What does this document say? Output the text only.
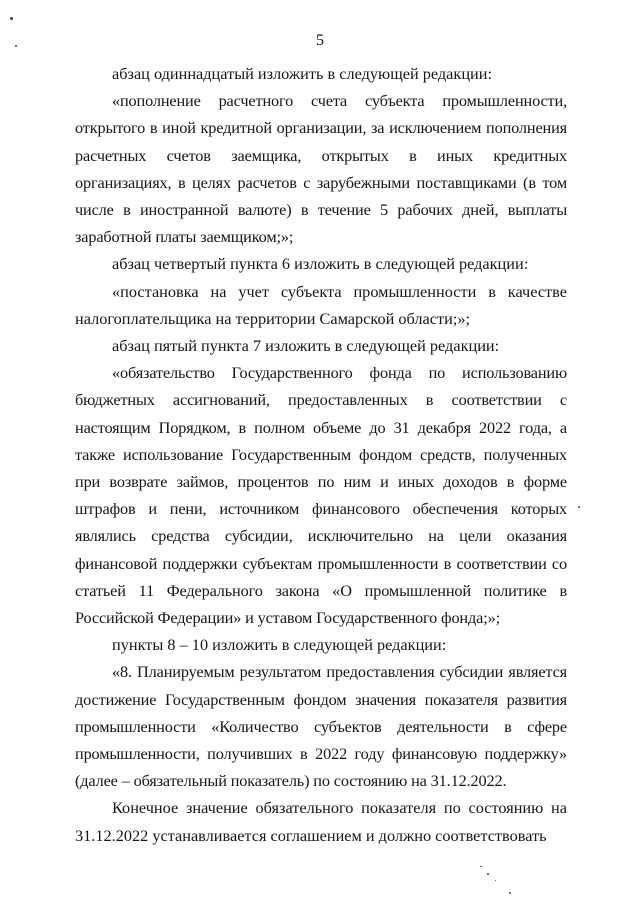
5

абзац одиннадцатый изложить в следующей редакции:

«пополнение расчетного счета субъекта промышленности, открытого в иной кредитной организации, за исключением пополнения расчетных счетов заемщика, открытых в иных кредитных организациях, в целях расчетов с зарубежными поставщиками (в том числе в иностранной валюте) в течение 5 рабочих дней, выплаты заработной платы заемщиком;»;

абзац четвертый пункта 6 изложить в следующей редакции:

«постановка на учет субъекта промышленности в качестве налогоплательщика на территории Самарской области;»;

абзац пятый пункта 7 изложить в следующей редакции:

«обязательство Государственного фонда по использованию бюджетных ассигнований, предоставленных в соответствии с настоящим Порядком, в полном объеме до 31 декабря 2022 года, а также использование Государственным фондом средств, полученных при возврате займов, процентов по ним и иных доходов в форме штрафов и пени, источником финансового обеспечения которых являлись средства субсидии, исключительно на цели оказания финансовой поддержки субъектам промышленности в соответствии со статьей 11 Федерального закона «О промышленной политике в Российской Федерации» и уставом Государственного фонда;»;

пункты 8 – 10 изложить в следующей редакции:

«8. Планируемым результатом предоставления субсидии является достижение Государственным фондом значения показателя развития промышленности «Количество субъектов деятельности в сфере промышленности, получивших в 2022 году финансовую поддержку» (далее – обязательный показатель) по состоянию на 31.12.2022.

Конечное значение обязательного показателя по состоянию на 31.12.2022 устанавливается соглашением и должно соответствовать
